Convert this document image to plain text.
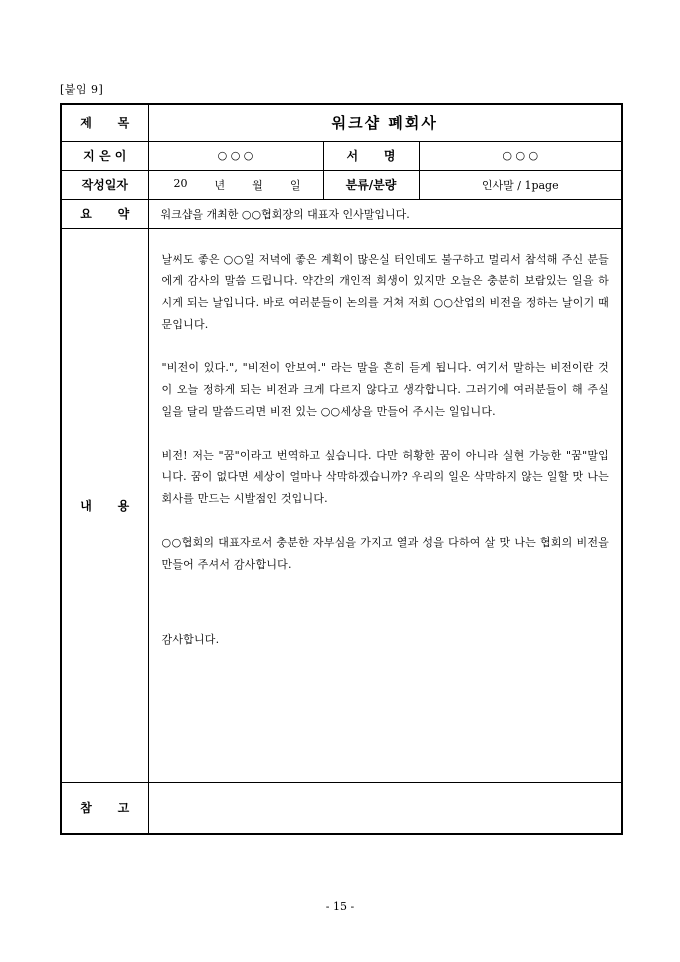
[붙임 9]
제 목	워크샵 폐회사		
지 은 이	○ ○ ○	서 명	○ ○ ○
작성일자	20 년 월 일	분류/분량	인사말 / 1page
요 약	워크샵을 개최한 ○○협회장의 대표자 인사말입니다.		
내 용	날씨도 좋은 ○○일 저녁에 좋은 계획이 많은실 터인데도 불구하고 멀리서 참석해 주신 분들에게 감사의 말씀 드립니다. 약간의 개인적 희생이 있지만 오늘은 충분히 보람있는 일을 하시게 되는 날입니다. 바로 여러분들이 논의를 거쳐 저희 ○○산업의 비전을 정하는 날이기 때문입니다.

"비전이 있다.", "비전이 안보여." 라는 말을 흔히 듣게 됩니다. 여기서 말하는 비전이란 것이 오늘 정하게 되는 비전과 크게 다르지 않다고 생각합니다. 그러기에 여러분들이 해 주실 일을 달리 말씀드리면 비전 있는 ○○세상을 만들어 주시는 일입니다.

비전! 저는 "꿈"이라고 번역하고 싶습니다. 다만 허황한 꿈이 아니라 실현 가능한 "꿈"말입니다. 꿈이 없다면 세상이 얼마나 삭막하겠습니까? 우리의 일은 삭막하지 않는 일할 맛 나는 회사를 만드는 시발점인 것입니다.

○○협회의 대표자로서 충분한 자부심을 가지고 열과 성을 다하여 살 맛 나는 협회의 비전을 만들어 주셔서 감사합니다.

감사합니다.		

참 고			
- 15 -
